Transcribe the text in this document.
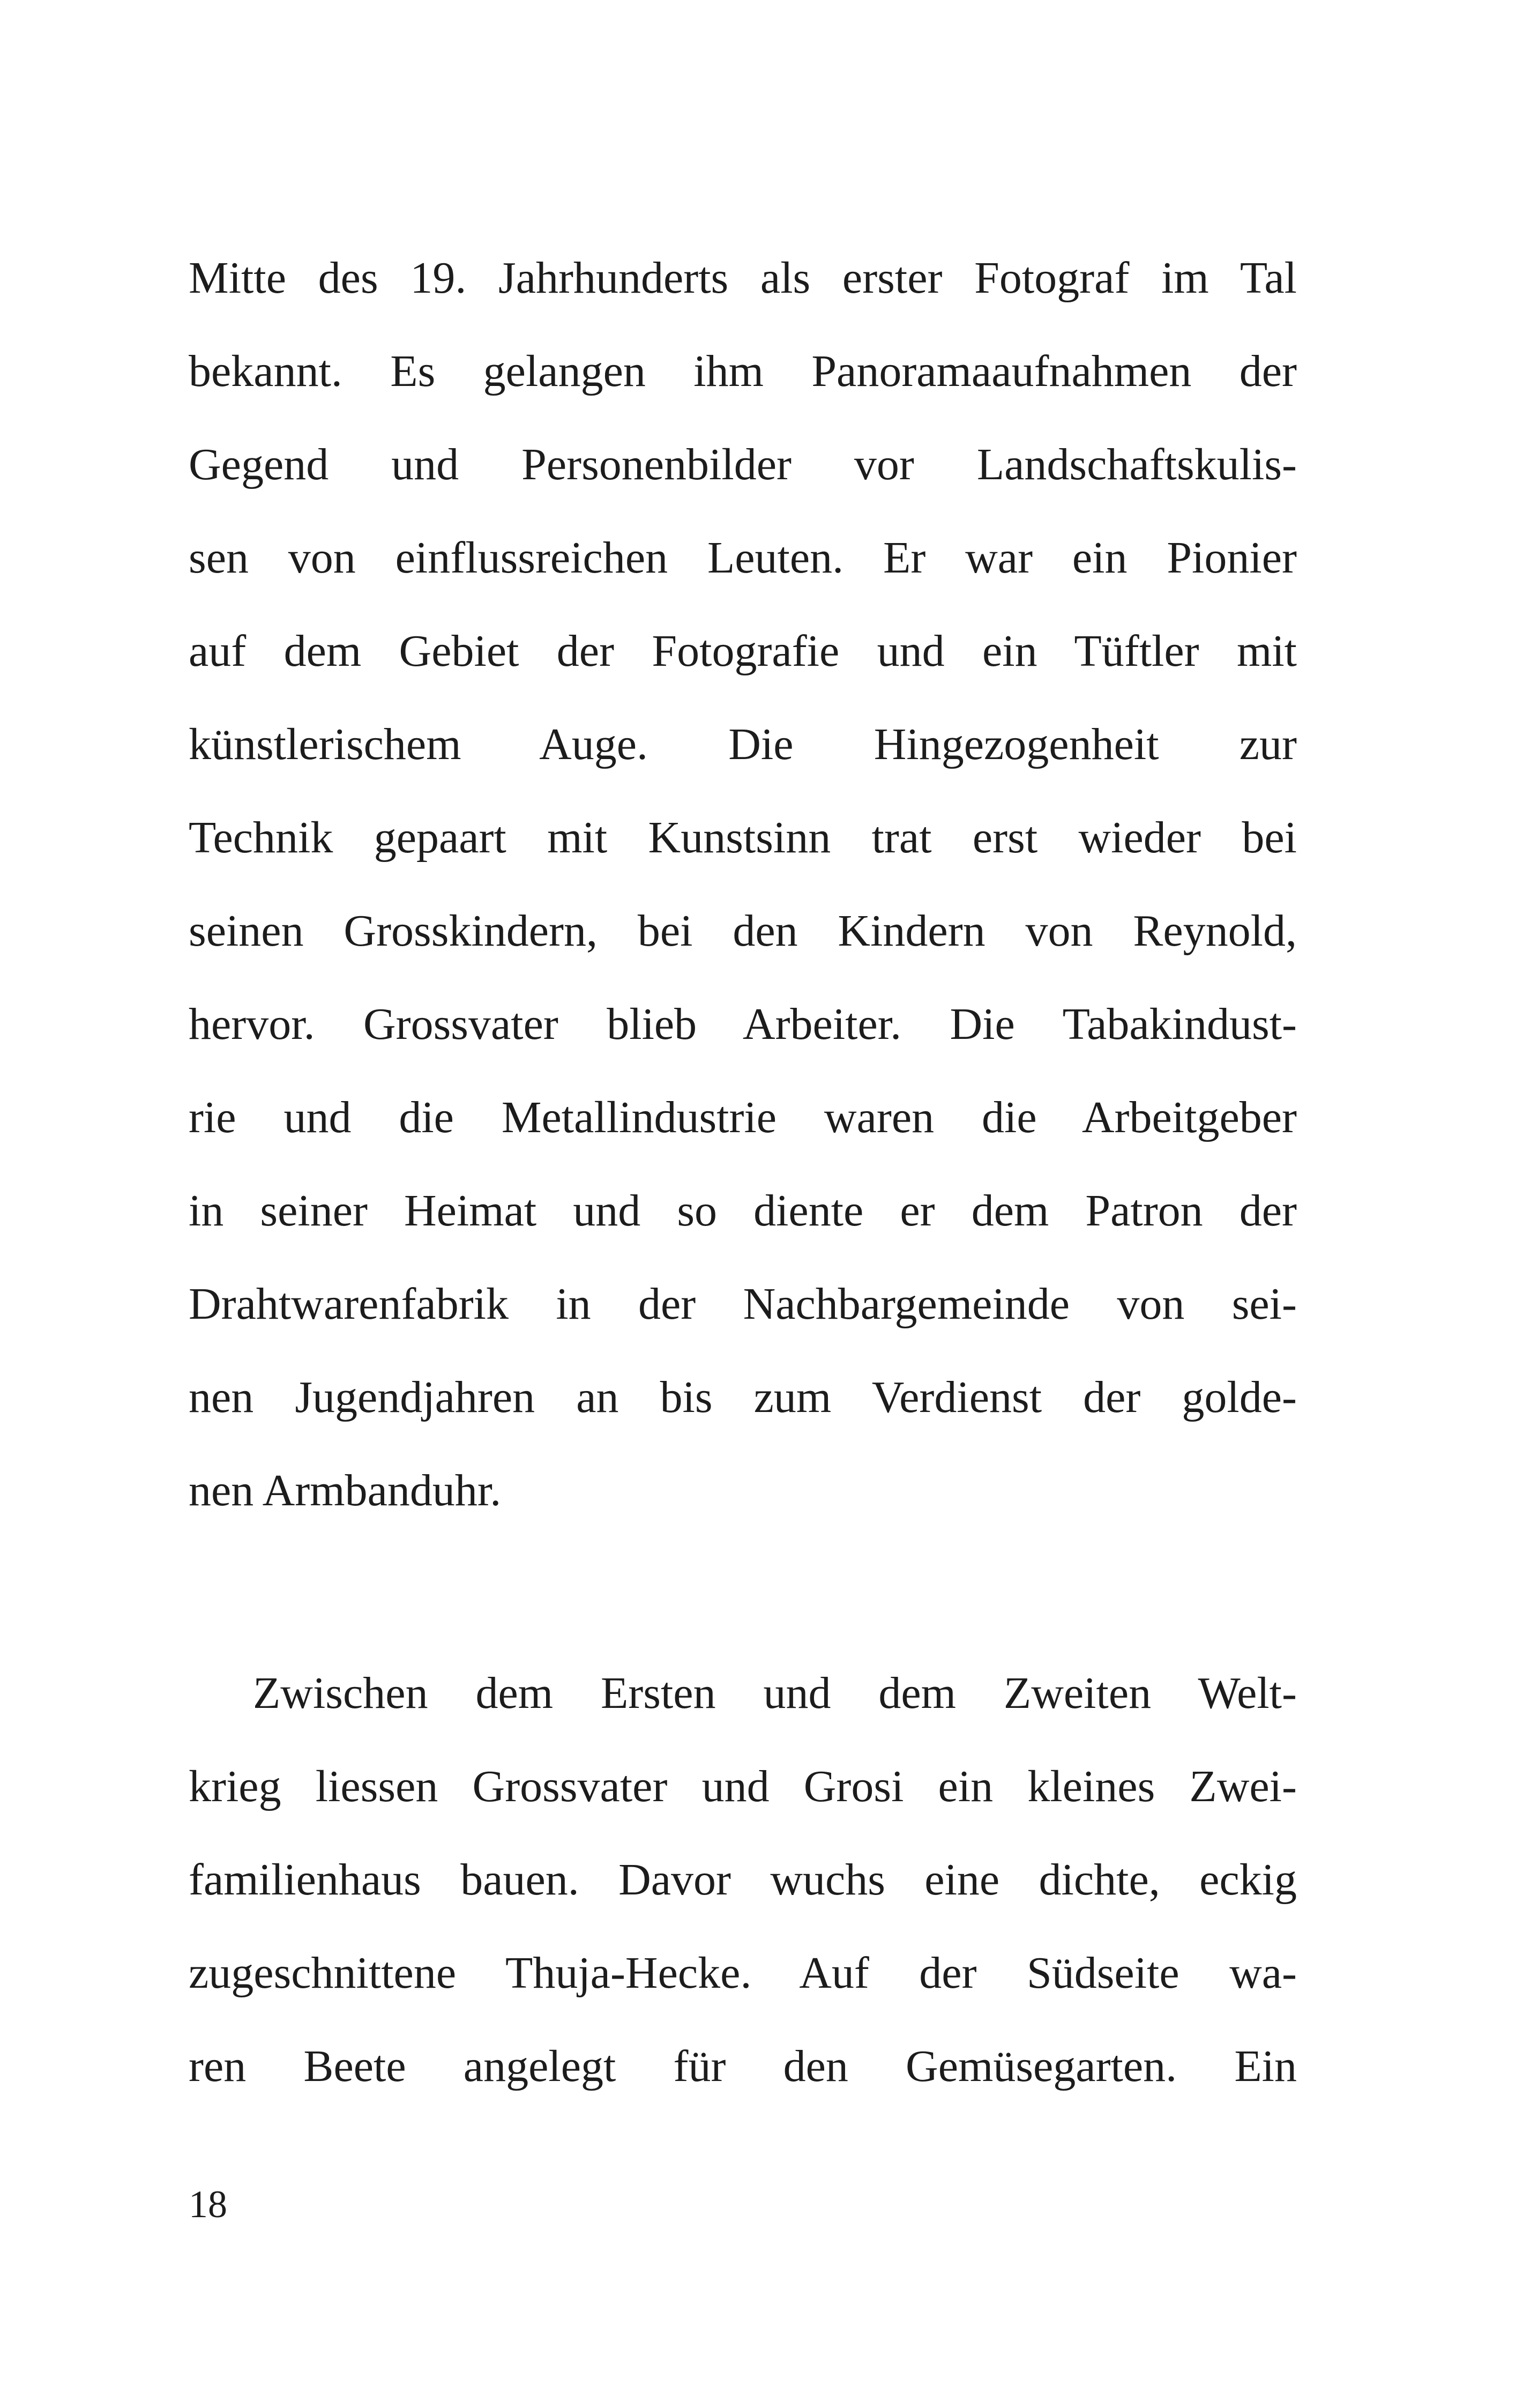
Mitte des 19. Jahrhunderts als erster Fotograf im Tal
bekannt. Es gelangen ihm Panoramaaufnahmen der
Gegend und Personenbilder vor Landschaftskulis-
sen von einflussreichen Leuten. Er war ein Pionier
auf dem Gebiet der Fotografie und ein Tüftler mit
künstlerischem Auge. Die Hingezogenheit zur
Technik gepaart mit Kunstsinn trat erst wieder bei
seinen Grosskindern, bei den Kindern von Reynold,
hervor. Grossvater blieb Arbeiter. Die Tabakindust-
rie und die Metallindustrie waren die Arbeitgeber
in seiner Heimat und so diente er dem Patron der
Drahtwarenfabrik in der Nachbargemeinde von sei-
nen Jugendjahren an bis zum Verdienst der golde-
nen Armbanduhr.
Zwischen dem Ersten und dem Zweiten Welt-
krieg liessen Grossvater und Grosi ein kleines Zwei-
familienhaus bauen. Davor wuchs eine dichte, eckig
zugeschnittene Thuja-Hecke. Auf der Südseite wa-
ren Beete angelegt für den Gemüsegarten. Ein
18
